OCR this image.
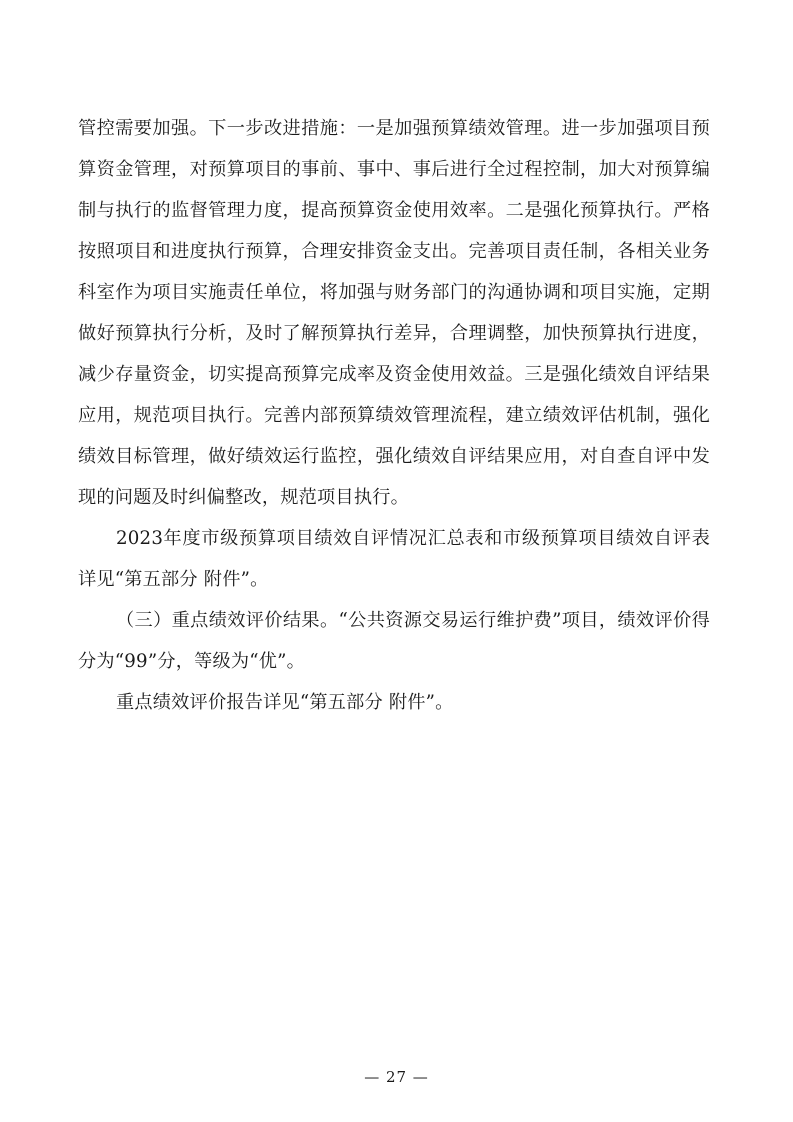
管控需要加强。下一步改进措施：一是加强预算绩效管理。进一步加强项目预算资金管理，对预算项目的事前、事中、事后进行全过程控制，加大对预算编制与执行的监督管理力度，提高预算资金使用效率。二是强化预算执行。严格按照项目和进度执行预算，合理安排资金支出。完善项目责任制，各相关业务科室作为项目实施责任单位，将加强与财务部门的沟通协调和项目实施，定期做好预算执行分析，及时了解预算执行差异，合理调整，加快预算执行进度，减少存量资金，切实提高预算完成率及资金使用效益。三是强化绩效自评结果应用，规范项目执行。完善内部预算绩效管理流程，建立绩效评估机制，强化绩效目标管理，做好绩效运行监控，强化绩效自评结果应用，对自查自评中发现的问题及时纠偏整改，规范项目执行。

2023年度市级预算项目绩效自评情况汇总表和市级预算项目绩效自评表详见“第五部分 附件”。

（三）重点绩效评价结果。“公共资源交易运行维护费”项目，绩效评价得分为“99”分，等级为“优”。

重点绩效评价报告详见“第五部分 附件”。

— 27 —
